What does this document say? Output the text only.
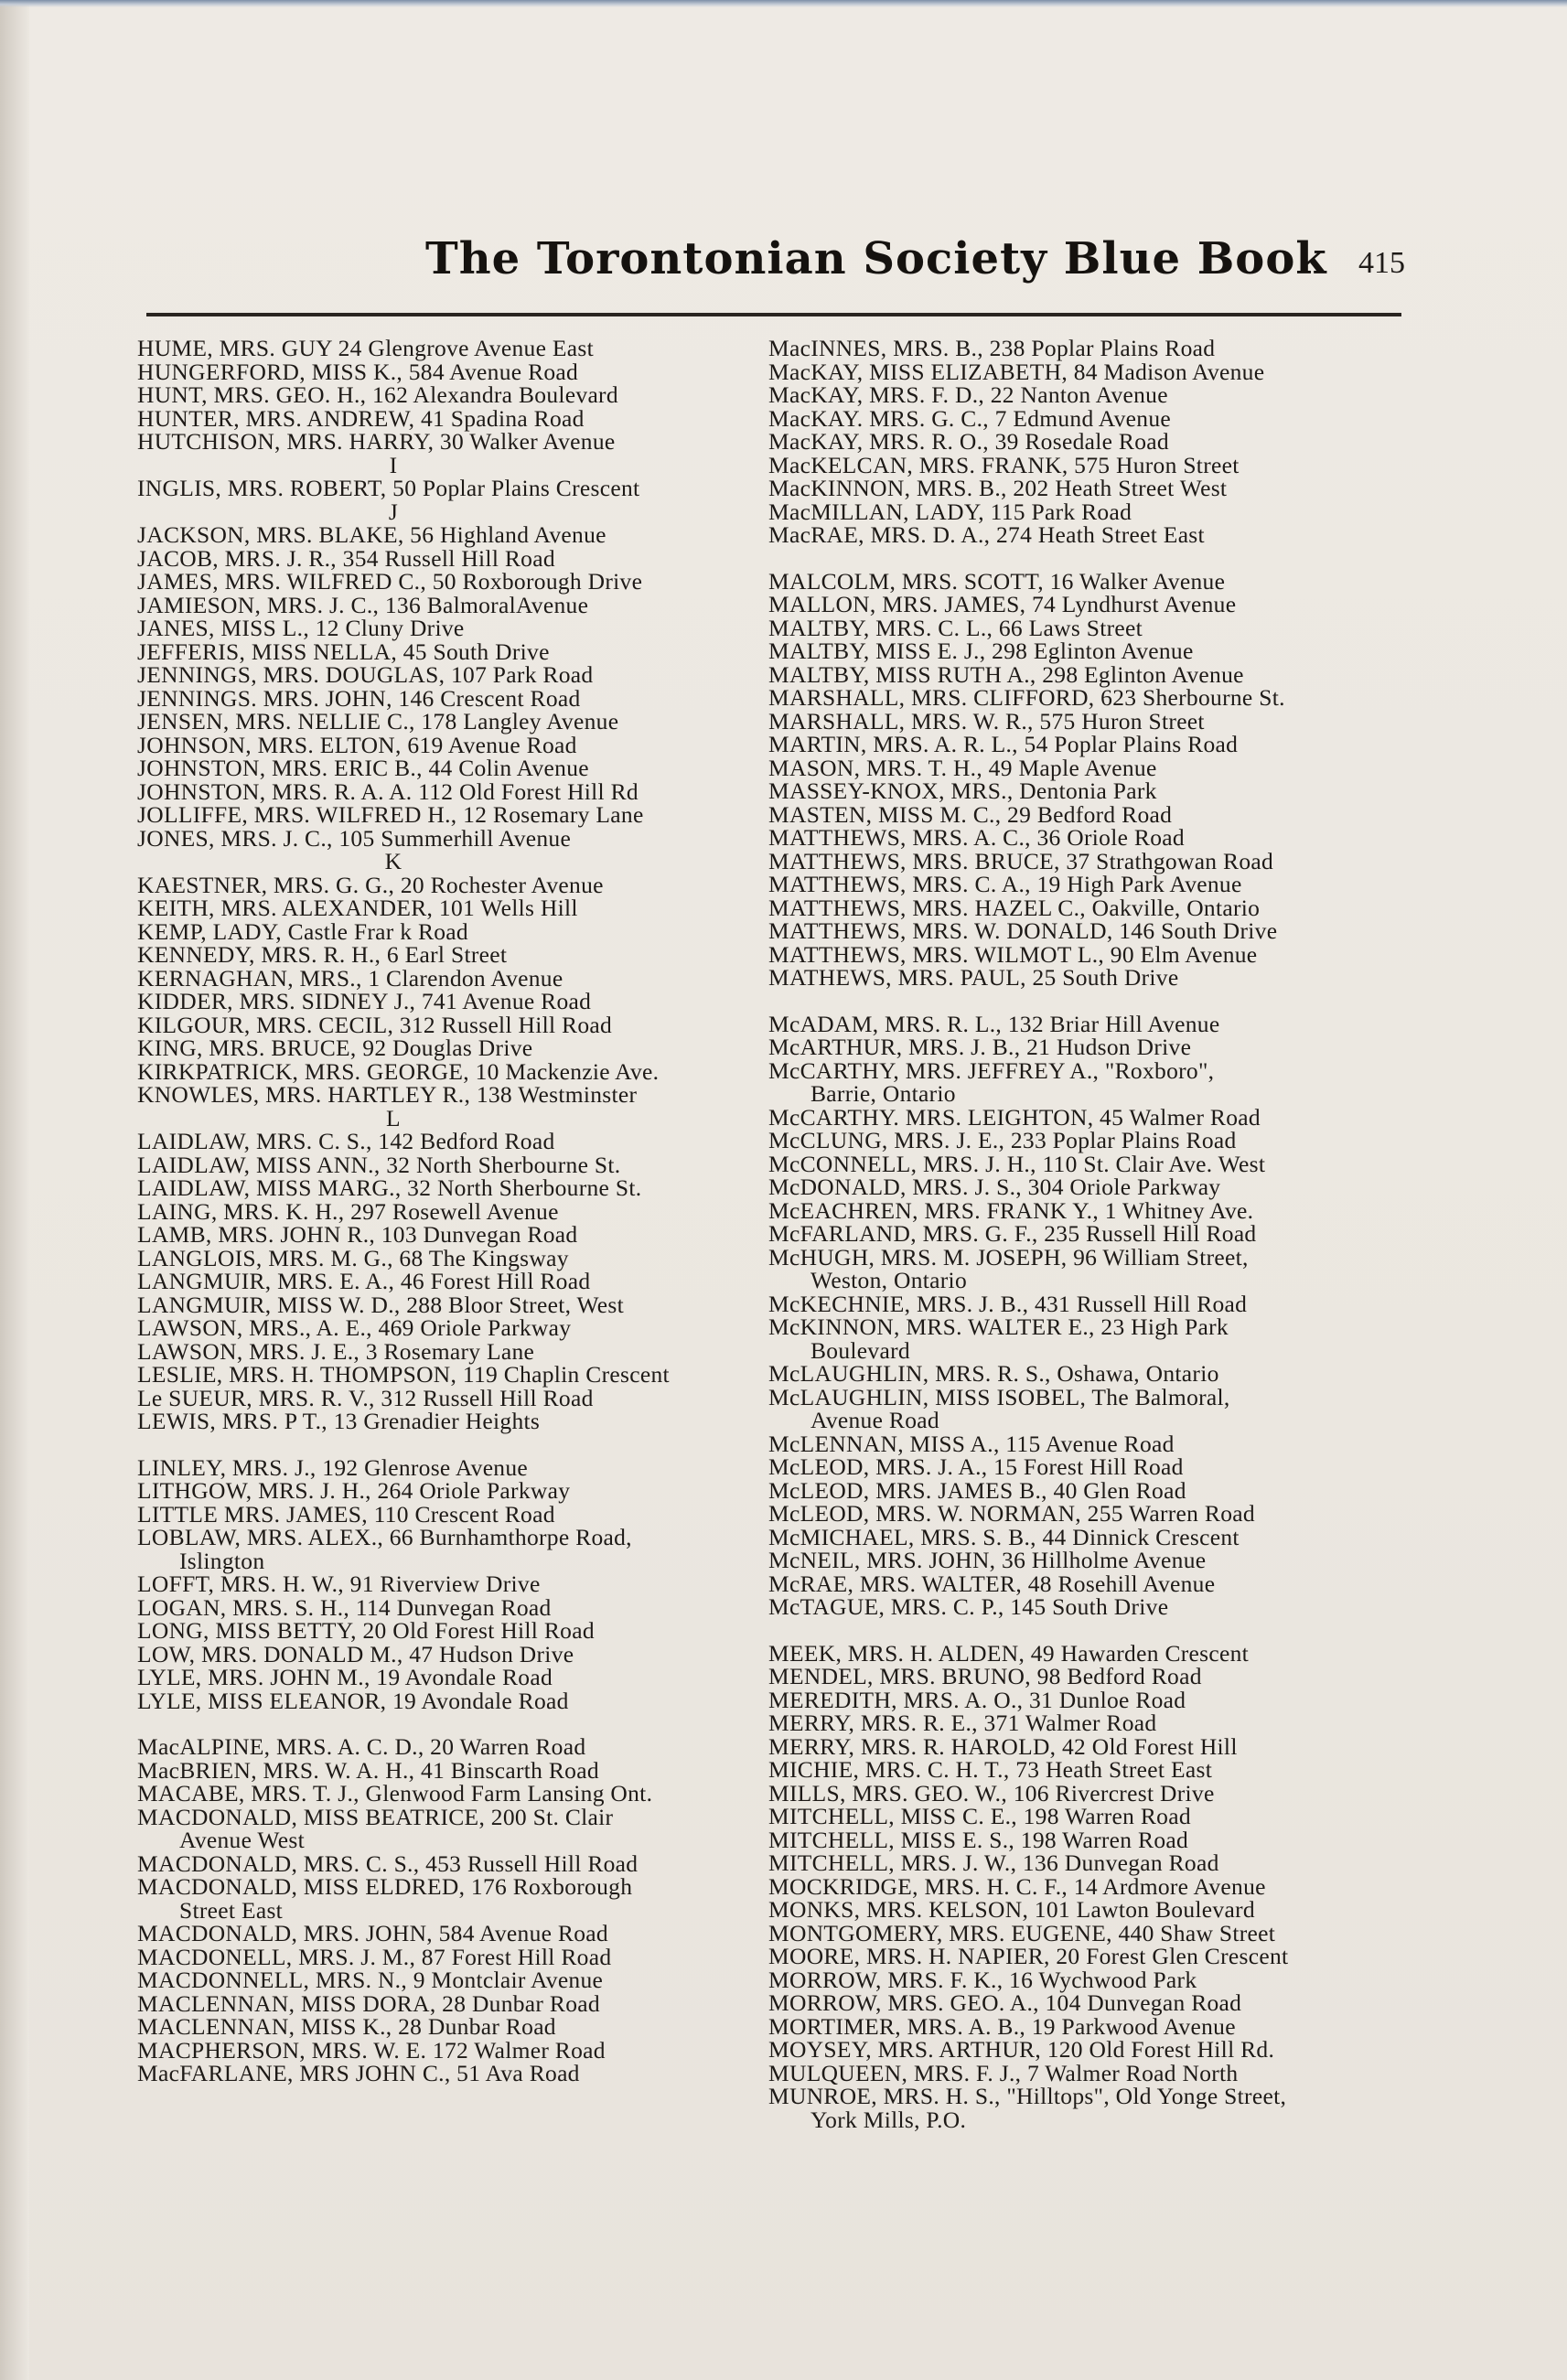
The Torontonian Society Blue Book 415
HUME, MRS. GUY 24 Glengrove Avenue East
HUNGERFORD, MISS K., 584 Avenue Road
HUNT, MRS. GEO. H., 162 Alexandra Boulevard
HUNTER, MRS. ANDREW, 41 Spadina Road
HUTCHISON, MRS. HARRY, 30 Walker Avenue
I
INGLIS, MRS. ROBERT, 50 Poplar Plains Crescent
J
JACKSON, MRS. BLAKE, 56 Highland Avenue
JACOB, MRS. J. R., 354 Russell Hill Road
JAMES, MRS. WILFRED C., 50 Roxborough Drive
JAMIESON, MRS. J. C., 136 BalmoralAvenue
JANES, MISS L., 12 Cluny Drive
JEFFERIS, MISS NELLA, 45 South Drive
JENNINGS, MRS. DOUGLAS, 107 Park Road
JENNINGS. MRS. JOHN, 146 Crescent Road
JENSEN, MRS. NELLIE C., 178 Langley Avenue
JOHNSON, MRS. ELTON, 619 Avenue Road
JOHNSTON, MRS. ERIC B., 44 Colin Avenue
JOHNSTON, MRS. R. A. A. 112 Old Forest Hill Rd
JOLLIFFE, MRS. WILFRED H., 12 Rosemary Lane
JONES, MRS. J. C., 105 Summerhill Avenue
K
KAESTNER, MRS. G. G., 20 Rochester Avenue
KEITH, MRS. ALEXANDER, 101 Wells Hill
KEMP, LADY, Castle Frar k Road
KENNEDY, MRS. R. H., 6 Earl Street
KERNAGHAN, MRS., 1 Clarendon Avenue
KIDDER, MRS. SIDNEY J., 741 Avenue Road
KILGOUR, MRS. CECIL, 312 Russell Hill Road
KING, MRS. BRUCE, 92 Douglas Drive
KIRKPATRICK, MRS. GEORGE, 10 Mackenzie Ave.
KNOWLES, MRS. HARTLEY R., 138 Westminster
L
LAIDLAW, MRS. C. S., 142 Bedford Road
LAIDLAW, MISS ANN., 32 North Sherbourne St.
LAIDLAW, MISS MARG., 32 North Sherbourne St.
LAING, MRS. K. H., 297 Rosewell Avenue
LAMB, MRS. JOHN R., 103 Dunvegan Road
LANGLOIS, MRS. M. G., 68 The Kingsway
LANGMUIR, MRS. E. A., 46 Forest Hill Road
LANGMUIR, MISS W. D., 288 Bloor Street, West
LAWSON, MRS., A. E., 469 Oriole Parkway
LAWSON, MRS. J. E., 3 Rosemary Lane
LESLIE, MRS. H. THOMPSON, 119 Chaplin Crescent
Le SUEUR, MRS. R. V., 312 Russell Hill Road
LEWIS, MRS. P T., 13 Grenadier Heights
LINLEY, MRS. J., 192 Glenrose Avenue
LITHGOW, MRS. J. H., 264 Oriole Parkway
LITTLE MRS. JAMES, 110 Crescent Road
LOBLAW, MRS. ALEX., 66 Burnhamthorpe Road,
Islington
LOFFT, MRS. H. W., 91 Riverview Drive
LOGAN, MRS. S. H., 114 Dunvegan Road
LONG, MISS BETTY, 20 Old Forest Hill Road
LOW, MRS. DONALD M., 47 Hudson Drive
LYLE, MRS. JOHN M., 19 Avondale Road
LYLE, MISS ELEANOR, 19 Avondale Road
MacALPINE, MRS. A. C. D., 20 Warren Road
MacBRIEN, MRS. W. A. H., 41 Binscarth Road
MACABE, MRS. T. J., Glenwood Farm Lansing Ont.
MACDONALD, MISS BEATRICE, 200 St. Clair
Avenue West
MACDONALD, MRS. C. S., 453 Russell Hill Road
MACDONALD, MISS ELDRED, 176 Roxborough
Street East
MACDONALD, MRS. JOHN, 584 Avenue Road
MACDONELL, MRS. J. M., 87 Forest Hill Road
MACDONNELL, MRS. N., 9 Montclair Avenue
MACLENNAN, MISS DORA, 28 Dunbar Road
MACLENNAN, MISS K., 28 Dunbar Road
MACPHERSON, MRS. W. E. 172 Walmer Road
MacFARLANE, MRS JOHN C., 51 Ava Road
MacINNES, MRS. B., 238 Poplar Plains Road
MacKAY, MISS ELIZABETH, 84 Madison Avenue
MacKAY, MRS. F. D., 22 Nanton Avenue
MacKAY. MRS. G. C., 7 Edmund Avenue
MacKAY, MRS. R. O., 39 Rosedale Road
MacKELCAN, MRS. FRANK, 575 Huron Street
MacKINNON, MRS. B., 202 Heath Street West
MacMILLAN, LADY, 115 Park Road
MacRAE, MRS. D. A., 274 Heath Street East
MALCOLM, MRS. SCOTT, 16 Walker Avenue
MALLON, MRS. JAMES, 74 Lyndhurst Avenue
MALTBY, MRS. C. L., 66 Laws Street
MALTBY, MISS E. J., 298 Eglinton Avenue
MALTBY, MISS RUTH A., 298 Eglinton Avenue
MARSHALL, MRS. CLIFFORD, 623 Sherbourne St.
MARSHALL, MRS. W. R., 575 Huron Street
MARTIN, MRS. A. R. L., 54 Poplar Plains Road
MASON, MRS. T. H., 49 Maple Avenue
MASSEY-KNOX, MRS., Dentonia Park
MASTEN, MISS M. C., 29 Bedford Road
MATTHEWS, MRS. A. C., 36 Oriole Road
MATTHEWS, MRS. BRUCE, 37 Strathgowan Road
MATTHEWS, MRS. C. A., 19 High Park Avenue
MATTHEWS, MRS. HAZEL C., Oakville, Ontario
MATTHEWS, MRS. W. DONALD, 146 South Drive
MATTHEWS, MRS. WILMOT L., 90 Elm Avenue
MATHEWS, MRS. PAUL, 25 South Drive
McADAM, MRS. R. L., 132 Briar Hill Avenue
McARTHUR, MRS. J. B., 21 Hudson Drive
McCARTHY, MRS. JEFFREY A., "Roxboro",
Barrie, Ontario
McCARTHY. MRS. LEIGHTON, 45 Walmer Road
McCLUNG, MRS. J. E., 233 Poplar Plains Road
McCONNELL, MRS. J. H., 110 St. Clair Ave. West
McDONALD, MRS. J. S., 304 Oriole Parkway
McEACHREN, MRS. FRANK Y., 1 Whitney Ave.
McFARLAND, MRS. G. F., 235 Russell Hill Road
McHUGH, MRS. M. JOSEPH, 96 William Street,
Weston, Ontario
McKECHNIE, MRS. J. B., 431 Russell Hill Road
McKINNON, MRS. WALTER E., 23 High Park
Boulevard
McLAUGHLIN, MRS. R. S., Oshawa, Ontario
McLAUGHLIN, MISS ISOBEL, The Balmoral,
Avenue Road
McLENNAN, MISS A., 115 Avenue Road
McLEOD, MRS. J. A., 15 Forest Hill Road
McLEOD, MRS. JAMES B., 40 Glen Road
McLEOD, MRS. W. NORMAN, 255 Warren Road
McMICHAEL, MRS. S. B., 44 Dinnick Crescent
McNEIL, MRS. JOHN, 36 Hillholme Avenue
McRAE, MRS. WALTER, 48 Rosehill Avenue
McTAGUE, MRS. C. P., 145 South Drive
MEEK, MRS. H. ALDEN, 49 Hawarden Crescent
MENDEL, MRS. BRUNO, 98 Bedford Road
MEREDITH, MRS. A. O., 31 Dunloe Road
MERRY, MRS. R. E., 371 Walmer Road
MERRY, MRS. R. HAROLD, 42 Old Forest Hill
MICHIE, MRS. C. H. T., 73 Heath Street East
MILLS, MRS. GEO. W., 106 Rivercrest Drive
MITCHELL, MISS C. E., 198 Warren Road
MITCHELL, MISS E. S., 198 Warren Road
MITCHELL, MRS. J. W., 136 Dunvegan Road
MOCKRIDGE, MRS. H. C. F., 14 Ardmore Avenue
MONKS, MRS. KELSON, 101 Lawton Boulevard
MONTGOMERY, MRS. EUGENE, 440 Shaw Street
MOORE, MRS. H. NAPIER, 20 Forest Glen Crescent
MORROW, MRS. F. K., 16 Wychwood Park
MORROW, MRS. GEO. A., 104 Dunvegan Road
MORTIMER, MRS. A. B., 19 Parkwood Avenue
MOYSEY, MRS. ARTHUR, 120 Old Forest Hill Rd.
MULQUEEN, MRS. F. J., 7 Walmer Road North
MUNROE, MRS. H. S., "Hilltops", Old Yonge Street,
York Mills, P.O.
